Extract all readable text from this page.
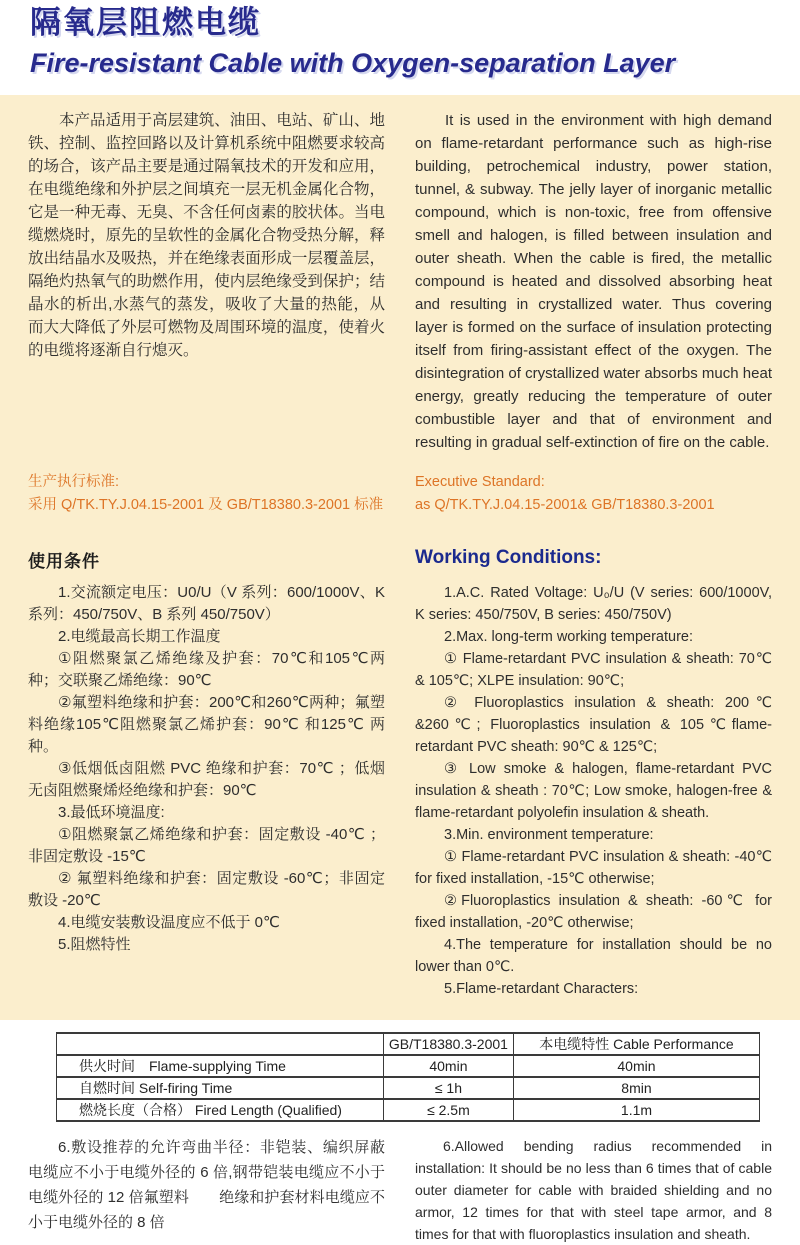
隔氧层阻燃电缆
Fire-resistant Cable with Oxygen-separation Layer

本产品适用于高层建筑、油田、电站、矿山、地铁、控制、监控回路以及计算机系统中阻燃要求较高的场合，该产品主要是通过隔氧技术的开发和应用，在电缆绝缘和外护层之间填充一层无机金属化合物，它是一种无毒、无臭、不含任何卤素的胶状体。当电缆燃烧时，原先的呈软性的金属化合物受热分解，释放出结晶水及吸热，并在绝缘表面形成一层覆盖层，隔绝灼热氧气的助燃作用，使内层绝缘受到保护；结晶水的析出,水蒸气的蒸发，吸收了大量的热能，从而大大降低了外层可燃物及周围环境的温度，使着火的电缆将逐渐自行熄灭。

It is used in the environment with high demand on flame-retardant performance such as high-rise building, petrochemical industry, power station, tunnel, & subway. The jelly layer of inorganic metallic compound, which is non-toxic, free from offensive smell and halogen, is filled between insulation and outer sheath. When the cable is fired, the metallic compound is heated and dissolved absorbing heat and resulting in crystallized water. Thus covering layer is formed on the surface of insulation protecting itself from firing-assistant effect of the oxygen. The disintegration of crystallized water absorbs much heat energy, greatly reducing the temperature of outer combustible layer and that of environment and resulting in gradual self-extinction of fire on the cable.

生产执行标准:

采用 Q/TK.TY.J.04.15-2001 及 GB/T18380.3-2001 标准

Executive Standard:

as Q/TK.TY.J.04.15-2001& GB/T18380.3-2001

使用条件	Working Conditions:

1.交流额定电压：U0/U（V 系列：600/1000V、K 系列：450/750V、B 系列 450/750V）

2.电缆最高长期工作温度

①阻燃聚氯乙烯绝缘及护套：70℃和105℃两种；交联聚乙烯绝缘：90℃

②氟塑料绝缘和护套：200℃和260℃两种；氟塑料绝缘105℃阻燃聚氯乙烯护套：90℃ 和125℃ 两种。

③低烟低卤阻燃 PVC 绝缘和护套：70℃ ；低烟无卤阻燃聚烯烃绝缘和护套：90℃

3.最低环境温度:

①阻燃聚氯乙烯绝缘和护套：固定敷设 -40℃ ；非固定敷设 -15℃

② 氟塑料绝缘和护套：固定敷设 -60℃；非固定敷设 -20℃

4.电缆安装敷设温度应不低于 0℃

5.阻燃特性

1.A.C. Rated Voltage: U₀/U (V series: 600/1000V, K series: 450/750V, B series: 450/750V)

2.Max. long-term working temperature:

① Flame-retardant PVC insulation & sheath: 70℃ & 105℃; XLPE insulation: 90℃;

② Fluoroplastics insulation & sheath: 200℃ &260℃; Fluoroplastics insulation & 105℃flame- retardant PVC sheath: 90℃ & 125℃;

③ Low smoke & halogen, flame-retardant PVC insulation & sheath : 70℃; Low smoke, halogen-free & flame-retardant polyolefin insulation & sheath.

3.Min. environment temperature:

① Flame-retardant PVC insulation & sheath: -40℃ for fixed installation, -15℃ otherwise;

②Fluoroplastics insulation & sheath: -60℃ for fixed installation, -20℃ otherwise;

4.The temperature for installation should be no lower than 0℃.

5.Flame-retardant Characters:

	GB/T18380.3-2001	本电缆特性 Cable Performance
供火时间　Flame-supplying Time	40min	40min
自燃时间 Self-firing Time	≤ 1h	8min
燃烧长度（合格） Fired Length (Qualified)	≤ 2.5m	1.1m

6.敷设推荐的允许弯曲半径：非铠装、编织屏蔽电缆应不小于电缆外径的 6 倍,钢带铠装电缆应不小于电缆外径的 12 倍氟塑料　　绝缘和护套材料电缆应不小于电缆外径的 8 倍

6.Allowed bending radius recommended in installation: It should be no less than 6 times that of cable outer diameter for cable with braided shielding and no armor, 12 times for that with steel tape armor, and 8 times for that with fluoroplastics insulation and sheath.
